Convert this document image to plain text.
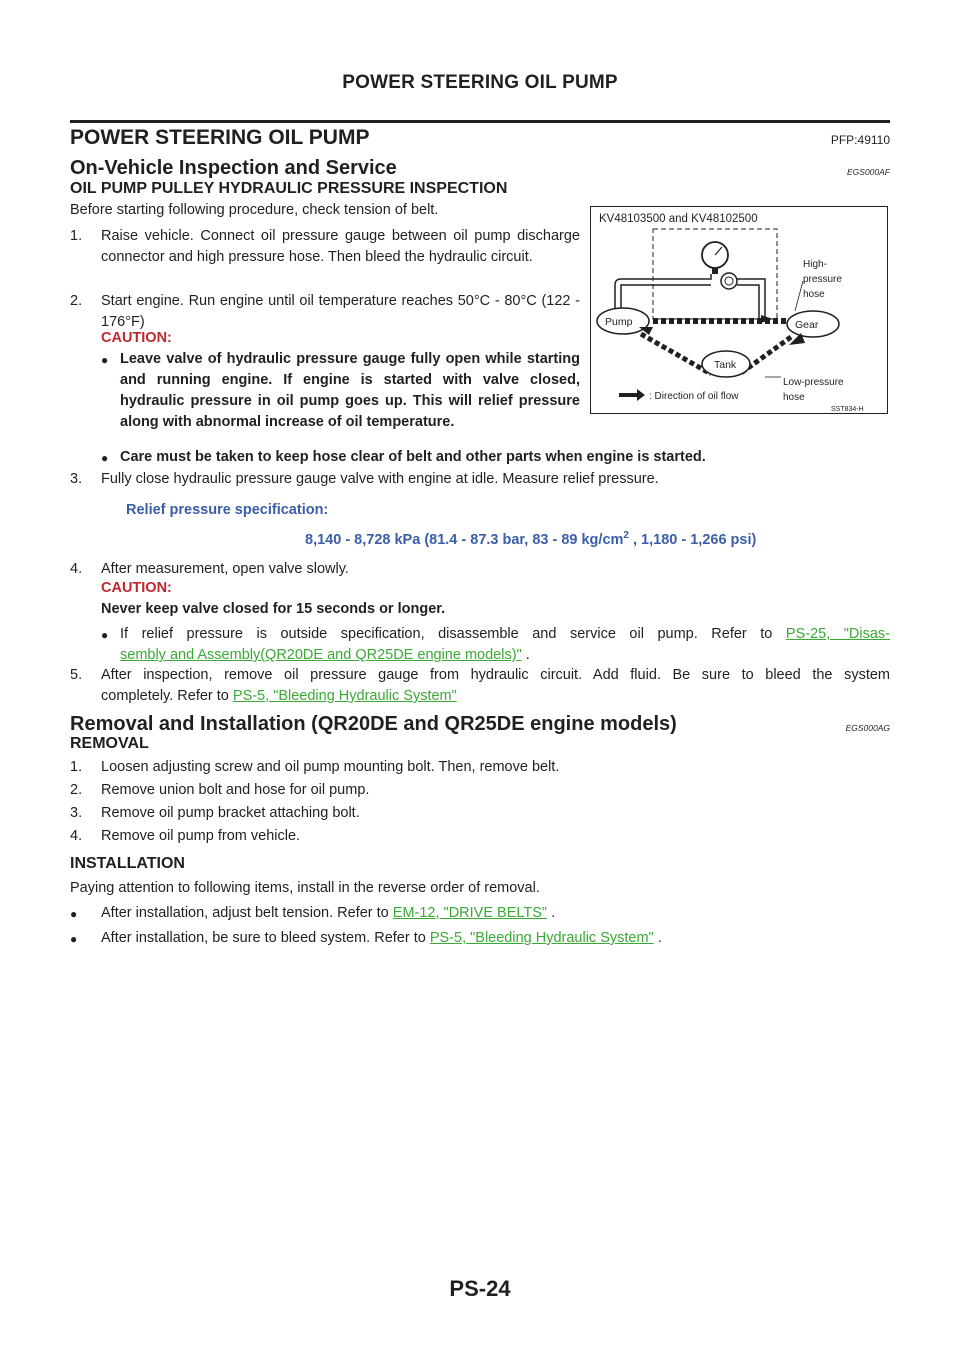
POWER STEERING OIL PUMP
POWER STEERING OIL PUMP	PFP:49110
On-Vehicle Inspection and Service	EGS000AF
OIL PUMP PULLEY HYDRAULIC PRESSURE INSPECTION
Before starting following procedure, check tension of belt.
1. Raise vehicle. Connect oil pressure gauge between oil pump discharge connector and high pressure hose. Then bleed the hydraulic circuit.
2. Start engine. Run engine until oil temperature reaches 50°C - 80°C (122 - 176°F)
CAUTION:
● Leave valve of hydraulic pressure gauge fully open while starting and running engine. If engine is started with valve closed, hydraulic pressure in oil pump goes up. This will relief pressure along with abnormal increase of oil temperature.
● Care must be taken to keep hose clear of belt and other parts when engine is started.
3. Fully close hydraulic pressure gauge valve with engine at idle. Measure relief pressure.
Relief pressure specification:
8,140 - 8,728 kPa (81.4 - 87.3 bar, 83 - 89 $kg/cm^2$ , 1,180 - 1,266 psi)
4. After measurement, open valve slowly.
CAUTION:
Never keep valve closed for 15 seconds or longer.
● If relief pressure is outside specification, disassemble and service oil pump. Refer to PS-25, "Disas-
sembly and Assembly(QR20DE and QR25DE engine models)" .
5. After inspection, remove oil pressure gauge from hydraulic circuit. Add fluid. Be sure to bleed the system
completely. Refer to PS-5, "Bleeding Hydraulic System"
Removal and Installation (QR20DE and QR25DE engine models)	EGS000AG
REMOVAL
1. Loosen adjusting screw and oil pump mounting bolt. Then, remove belt.
2. Remove union bolt and hose for oil pump.
3. Remove oil pump bracket attaching bolt.
4. Remove oil pump from vehicle.
INSTALLATION
Paying attention to following items, install in the reverse order of removal.
● After installation, adjust belt tension. Refer to EM-12, "DRIVE BELTS" .
● After installation, be sure to bleed system. Refer to PS-5, "Bleeding Hydraulic System" .
KV48103500 and KV48102500
Pump	Gear
Tank
High-
pressure
hose
Low-pressure
hose
: Direction of oil flow
SST834-H
PS-24
